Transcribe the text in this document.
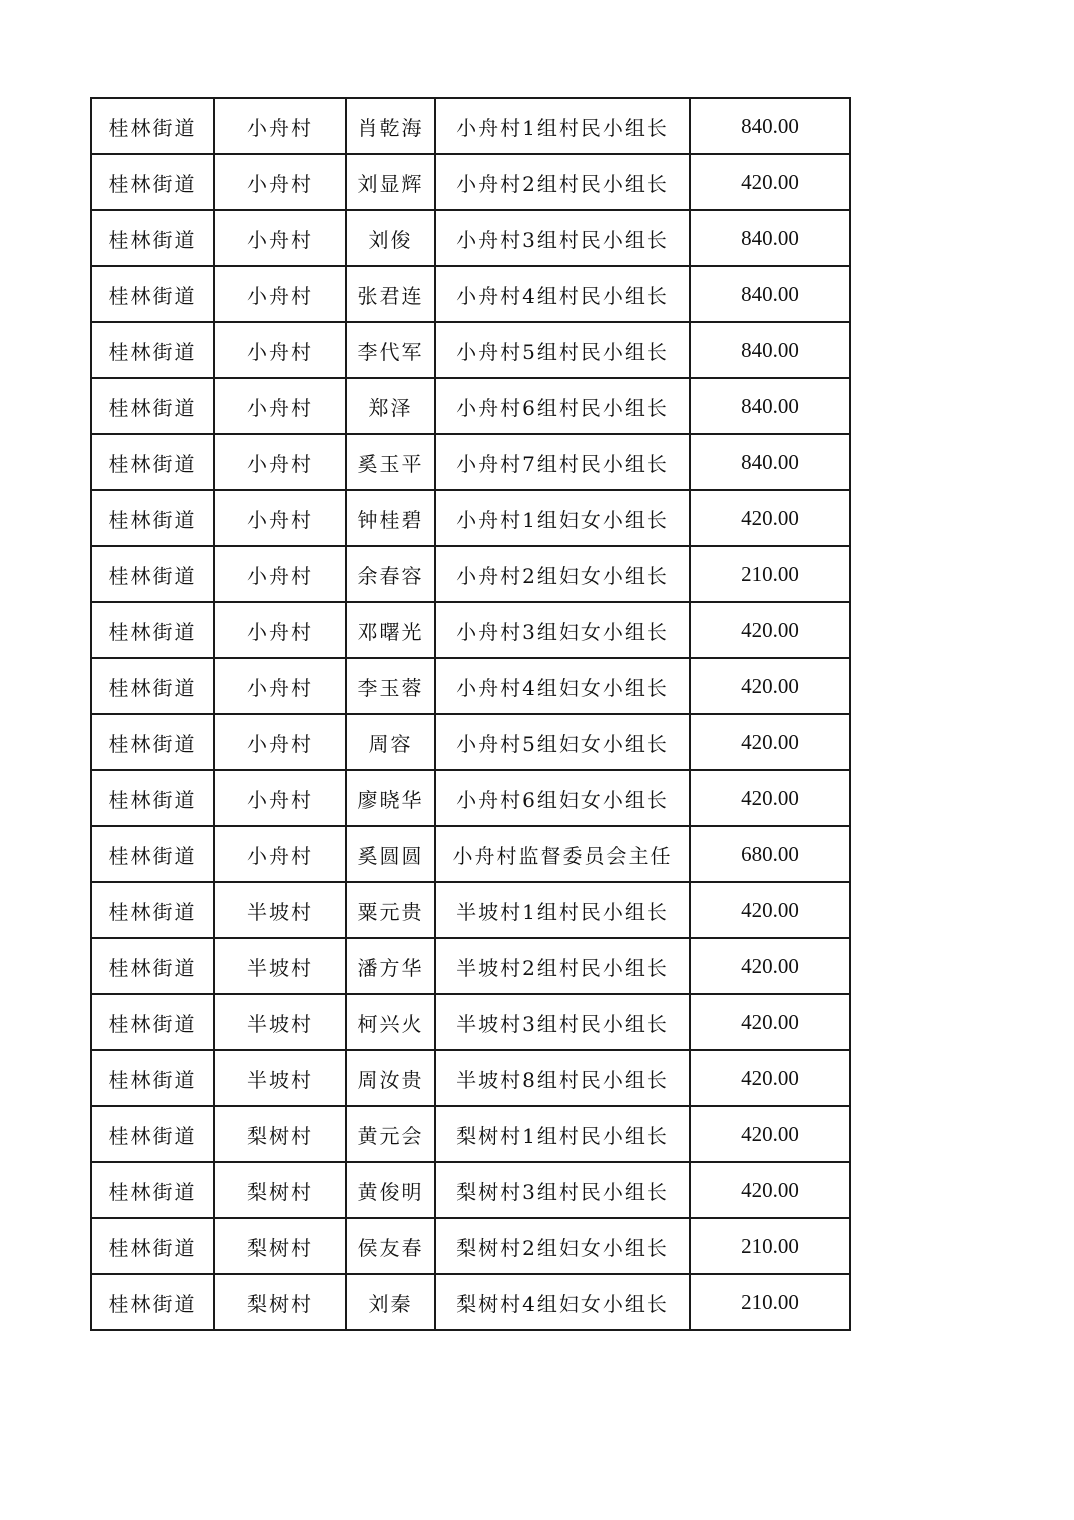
桂林街道	小舟村	肖乾海	小舟村1组村民小组长	840.00
桂林街道	小舟村	刘显辉	小舟村2组村民小组长	420.00
桂林街道	小舟村	刘俊	小舟村3组村民小组长	840.00
桂林街道	小舟村	张君连	小舟村4组村民小组长	840.00
桂林街道	小舟村	李代军	小舟村5组村民小组长	840.00
桂林街道	小舟村	郑泽	小舟村6组村民小组长	840.00
桂林街道	小舟村	奚玉平	小舟村7组村民小组长	840.00
桂林街道	小舟村	钟桂碧	小舟村1组妇女小组长	420.00
桂林街道	小舟村	余春容	小舟村2组妇女小组长	210.00
桂林街道	小舟村	邓曙光	小舟村3组妇女小组长	420.00
桂林街道	小舟村	李玉蓉	小舟村4组妇女小组长	420.00
桂林街道	小舟村	周容	小舟村5组妇女小组长	420.00
桂林街道	小舟村	廖晓华	小舟村6组妇女小组长	420.00
桂林街道	小舟村	奚圆圆	小舟村监督委员会主任	680.00
桂林街道	半坡村	粟元贵	半坡村1组村民小组长	420.00
桂林街道	半坡村	潘方华	半坡村2组村民小组长	420.00
桂林街道	半坡村	柯兴火	半坡村3组村民小组长	420.00
桂林街道	半坡村	周汝贵	半坡村8组村民小组长	420.00
桂林街道	梨树村	黄元会	梨树村1组村民小组长	420.00
桂林街道	梨树村	黄俊明	梨树村3组村民小组长	420.00
桂林街道	梨树村	侯友春	梨树村2组妇女小组长	210.00
桂林街道	梨树村	刘秦	梨树村4组妇女小组长	210.00
